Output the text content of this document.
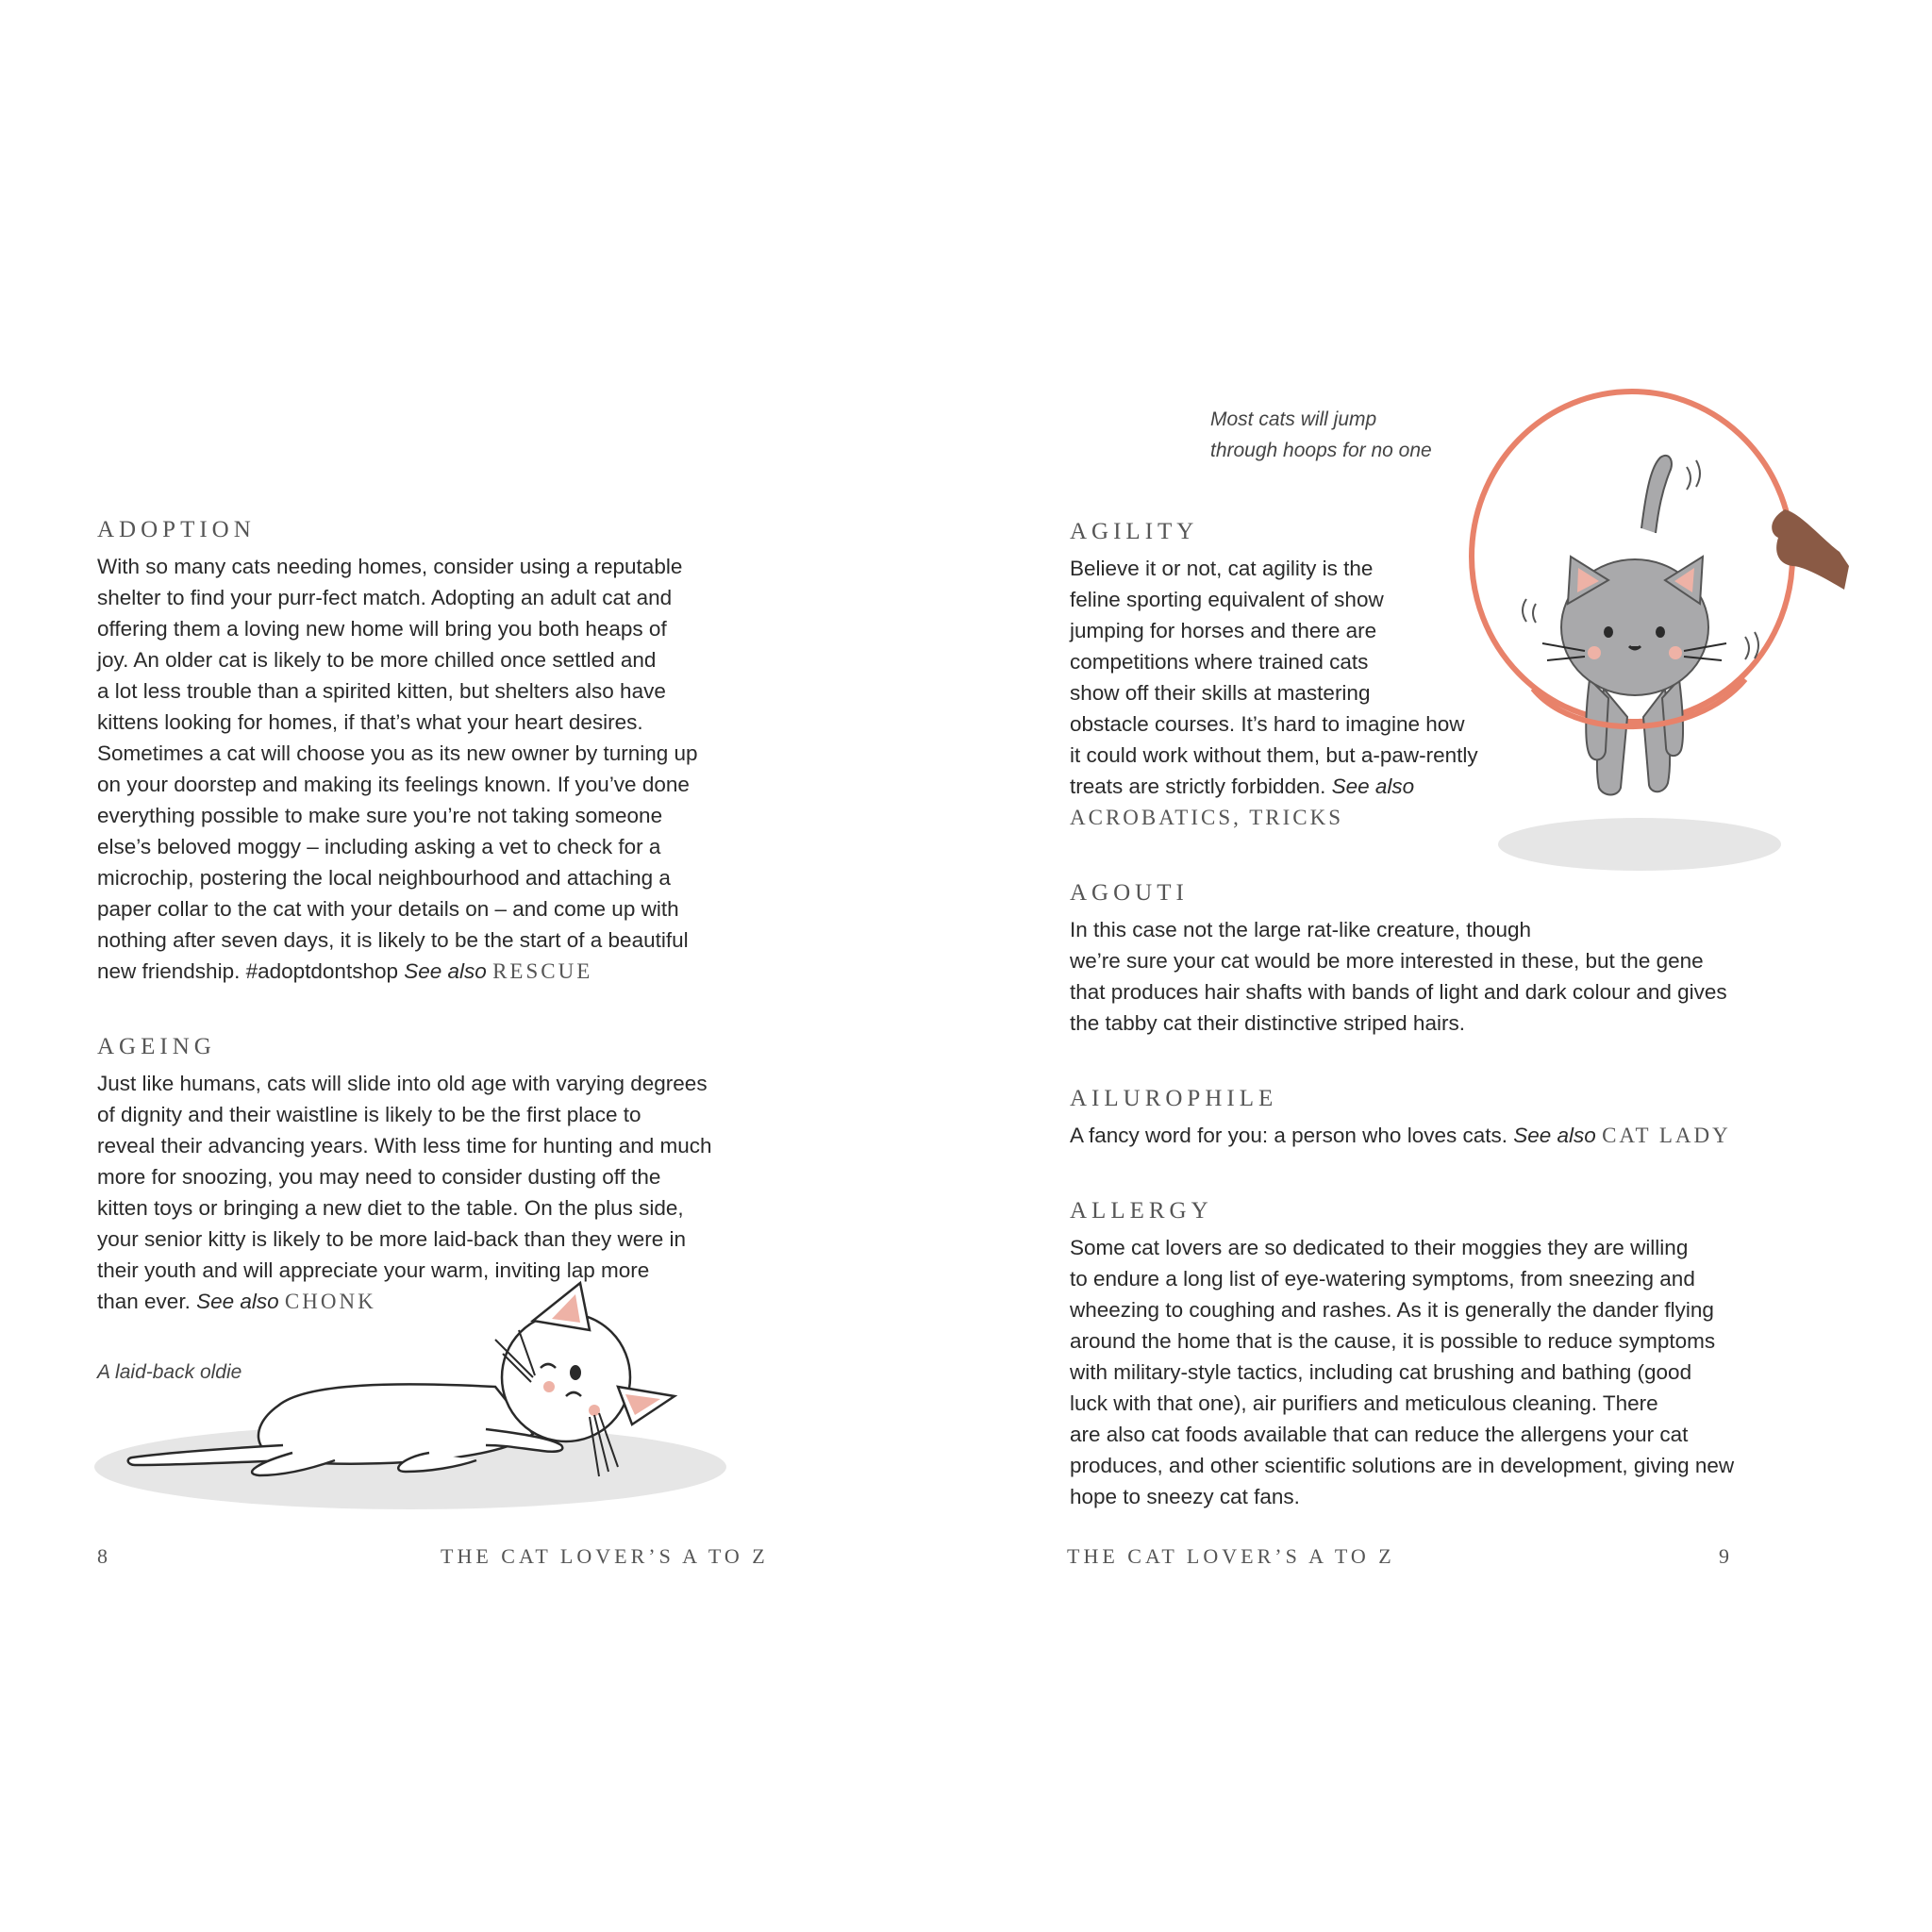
ADOPTION

With so many cats needing homes, consider using a reputable
shelter to find your purr-fect match. Adopting an adult cat and
offering them a loving new home will bring you both heaps of
joy. An older cat is likely to be more chilled once settled and
a lot less trouble than a spirited kitten, but shelters also have
kittens looking for homes, if that’s what your heart desires.
Sometimes a cat will choose you as its new owner by turning up
on your doorstep and making its feelings known. If you’ve done
everything possible to make sure you’re not taking someone
else’s beloved moggy – including asking a vet to check for a
microchip, postering the local neighbourhood and attaching a
paper collar to the cat with your details on – and come up with
nothing after seven days, it is likely to be the start of a beautiful
new friendship. #adoptdontshop See also RESCUE

AGEING

Just like humans, cats will slide into old age with varying degrees
of dignity and their waistline is likely to be the first place to
reveal their advancing years. With less time for hunting and much
more for snoozing, you may need to consider dusting off the
kitten toys or bringing a new diet to the table. On the plus side,
your senior kitty is likely to be more laid-back than they were in
their youth and will appreciate your warm, inviting lap more
than ever. See also CHONK

A laid-back oldie
8	THE CAT LOVER’S A TO Z
Most cats will jump
through hoops for no one
AGILITY

Believe it or not, cat agility is the
feline sporting equivalent of show
jumping for horses and there are
competitions where trained cats
show off their skills at mastering
obstacle courses. It’s hard to imagine how
it could work without them, but a-paw-rently
treats are strictly forbidden. See also
ACROBATICS, TRICKS

AGOUTI

In this case not the large rat-like creature, though
we’re sure your cat would be more interested in these, but the gene
that produces hair shafts with bands of light and dark colour and gives
the tabby cat their distinctive striped hairs.

AILUROPHILE

A fancy word for you: a person who loves cats. See also CAT LADY

ALLERGY

Some cat lovers are so dedicated to their moggies they are willing
to endure a long list of eye-watering symptoms, from sneezing and
wheezing to coughing and rashes. As it is generally the dander flying
around the home that is the cause, it is possible to reduce symptoms
with military-style tactics, including cat brushing and bathing (good
luck with that one), air purifiers and meticulous cleaning. There
are also cat foods available that can reduce the allergens your cat
produces, and other scientific solutions are in development, giving new
hope to sneezy cat fans.

THE CAT LOVER’S A TO Z	9
